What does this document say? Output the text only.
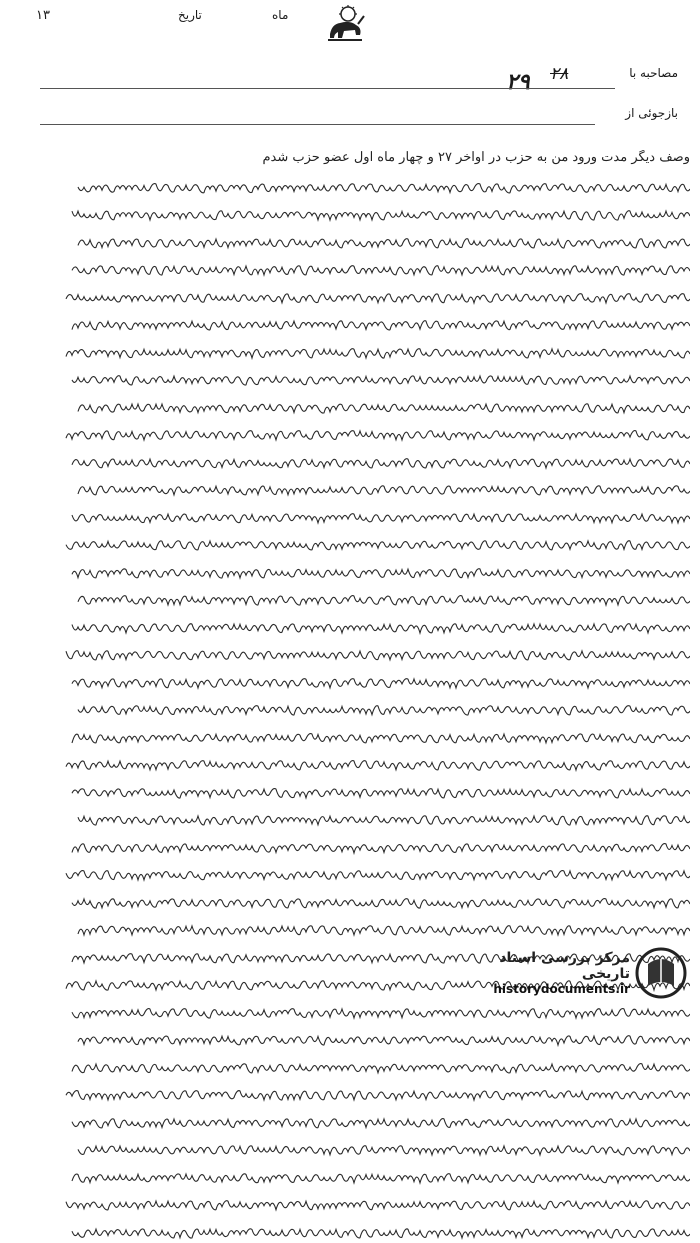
١٣	تاریخ	ماه
مصاحبه با
۲۸
۲۹
بازجوئی از
وصف دیگر مدت ورود من به حزب در اواخر ۲۷ و چهار ماه اول عضو حزب شدم
مرکز بررسی اسناد تاریخی
historydocuments.ir
